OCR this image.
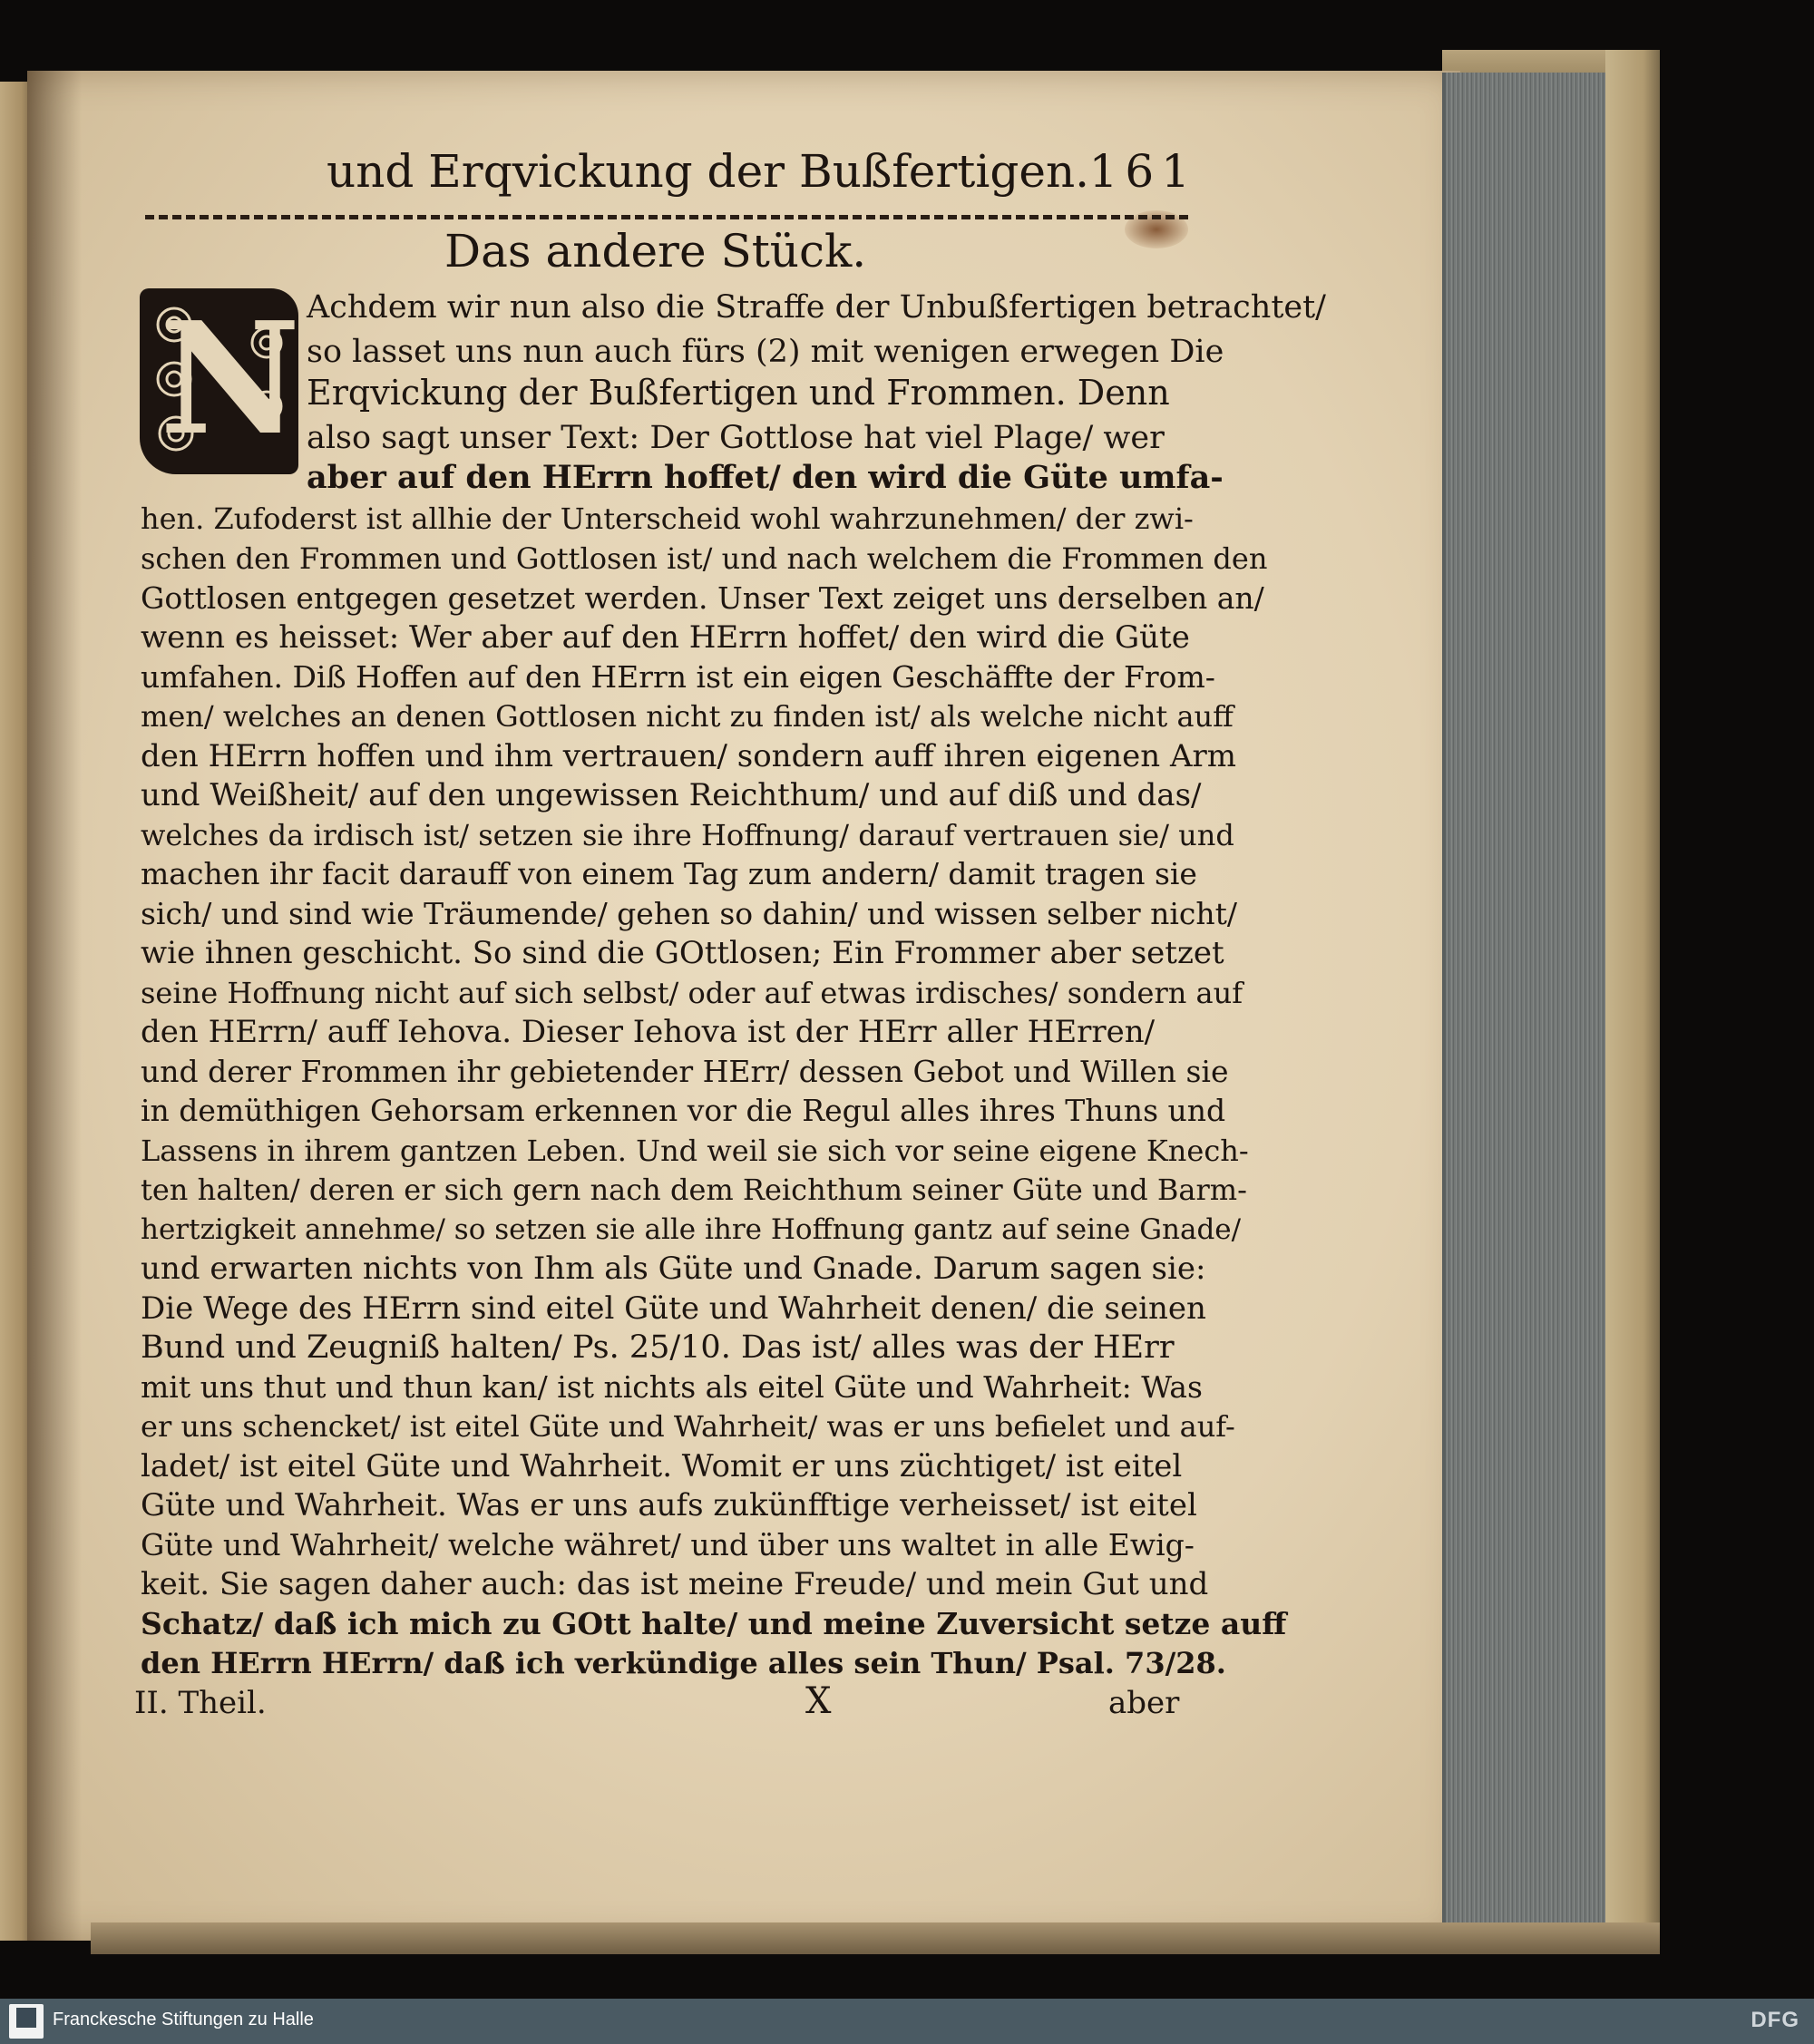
und Erqvickung der Bußfertigen. 161
Das andere Stück.
N Achdem wir nun also die Straffe der Unbußfertigen betrachtet/
so lasset uns nun auch fürs (2) mit wenigen erwegen Die
Erqvickung der Bußfertigen und Frommen. Denn
also sagt unser Text: Der Gottlose hat viel Plage/ wer
aber auf den HErrn hoffet/ den wird die Güte umfa-
hen. Zufoderst ist allhie der Unterscheid wohl wahrzunehmen/ der zwi-
schen den Frommen und Gottlosen ist/ und nach welchem die Frommen den
Gottlosen entgegen gesetzet werden. Unser Text zeiget uns derselben an/
wenn es heisset: Wer aber auf den HErrn hoffet/ den wird die Güte
umfahen. Diß Hoffen auf den HErrn ist ein eigen Geschäffte der From-
men/ welches an denen Gottlosen nicht zu finden ist/ als welche nicht auff
den HErrn hoffen und ihm vertrauen/ sondern auff ihren eigenen Arm
und Weißheit/ auf den ungewissen Reichthum/ und auf diß und das/
welches da irdisch ist/ setzen sie ihre Hoffnung/ darauf vertrauen sie/ und
machen ihr facit darauff von einem Tag zum andern/ damit tragen sie
sich/ und sind wie Träumende/ gehen so dahin/ und wissen selber nicht/
wie ihnen geschicht. So sind die GOttlosen; Ein Frommer aber setzet
seine Hoffnung nicht auf sich selbst/ oder auf etwas irdisches/ sondern auf
den HErrn/ auff Iehova. Dieser Iehova ist der HErr aller HErren/
und derer Frommen ihr gebietender HErr/ dessen Gebot und Willen sie
in demüthigen Gehorsam erkennen vor die Regul alles ihres Thuns und
Lassens in ihrem gantzen Leben. Und weil sie sich vor seine eigene Knech-
ten halten/ deren er sich gern nach dem Reichthum seiner Güte und Barm-
hertzigkeit annehme/ so setzen sie alle ihre Hoffnung gantz auf seine Gnade/
und erwarten nichts von Ihm als Güte und Gnade. Darum sagen sie:
Die Wege des HErrn sind eitel Güte und Wahrheit denen/ die seinen
Bund und Zeugniß halten/ Ps. 25/10. Das ist/ alles was der HErr
mit uns thut und thun kan/ ist nichts als eitel Güte und Wahrheit: Was
er uns schencket/ ist eitel Güte und Wahrheit/ was er uns befielet und auf-
ladet/ ist eitel Güte und Wahrheit. Womit er uns züchtiget/ ist eitel
Güte und Wahrheit. Was er uns aufs zukünfftige verheisset/ ist eitel
Güte und Wahrheit/ welche währet/ und über uns waltet in alle Ewig-
keit. Sie sagen daher auch: das ist meine Freude/ und mein Gut und
Schatz/ daß ich mich zu GOtt halte/ und meine Zuversicht setze auff
den HErrn HErrn/ daß ich verkündige alles sein Thun/ Psal. 73/28.
II. Theil.	X	aber
Franckesche Stiftungen zu Halle	DFG
